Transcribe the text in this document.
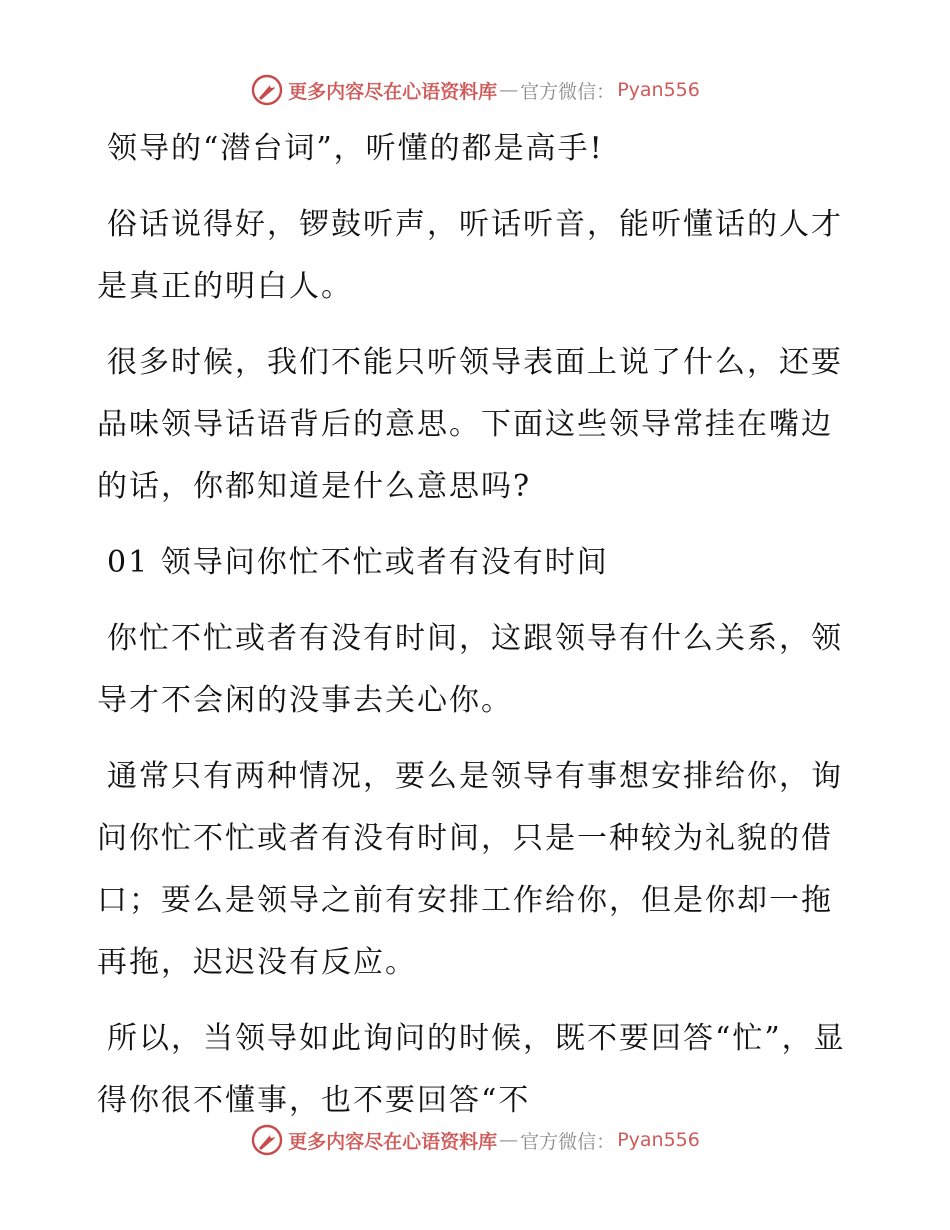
更多内容尽在心语资料库 — 官方微信： Pyan556

领导的“潜台词”，听懂的都是高手!

俗话说得好，锣鼓听声，听话听音，能听懂话的人才是真正的明白人。

很多时候，我们不能只听领导表面上说了什么，还要品味领导话语背后的意思。下面这些领导常挂在嘴边的话，你都知道是什么意思吗?

01 领导问你忙不忙或者有没有时间

你忙不忙或者有没有时间，这跟领导有什么关系，领导才不会闲的没事去关心你。

通常只有两种情况，要么是领导有事想安排给你，询问你忙不忙或者有没有时间，只是一种较为礼貌的借口；要么是领导之前有安排工作给你，但是你却一拖再拖，迟迟没有反应。

所以，当领导如此询问的时候，既不要回答“忙”，显得你很不懂事，也不要回答“不

更多内容尽在心语资料库 — 官方微信： Pyan556
